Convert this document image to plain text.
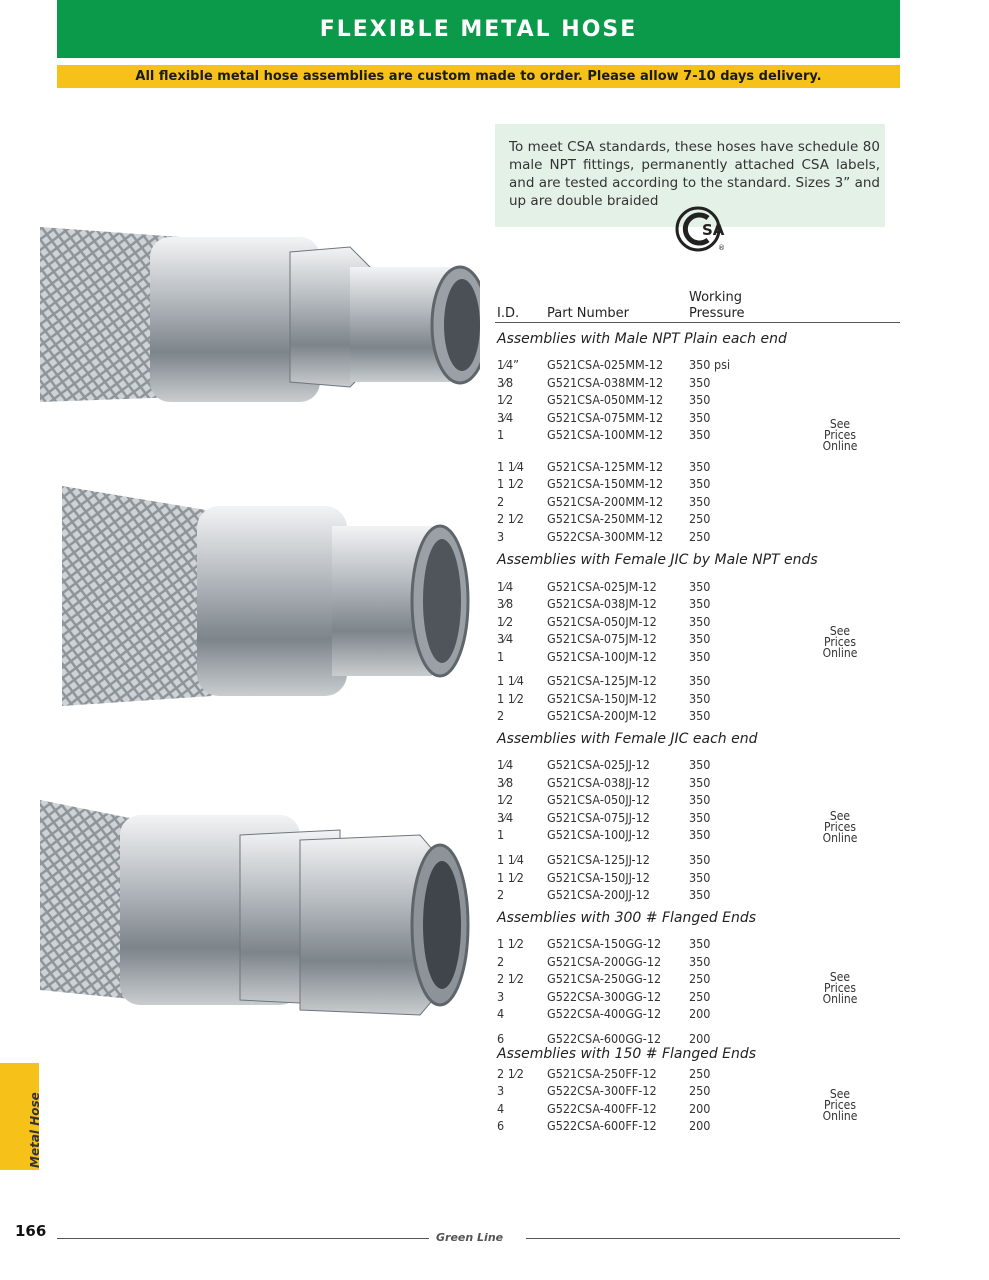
FLEXIBLE METAL HOSE
All flexible metal hose assemblies are custom made to order. Please allow 7-10 days delivery.
To meet CSA standards, these hoses have schedule 80 male NPT fittings, permanently attached CSA labels, and are tested according to the standard. Sizes 3” and up are double braided
SA
®
I.D. Part Number
Working
Pressure
Assemblies with Male NPT Plain each end
1⁄4” G521CSA-025MM-12 350 psi
3⁄8	G521CSA-038MM-12 350
1⁄2	G521CSA-050MM-12 350
3⁄4	G521CSA-075MM-12 350
1	G521CSA-100MM-12 350
1 1⁄4 G521CSA-125MM-12 350
1 1⁄2 G521CSA-150MM-12 350
2	G521CSA-200MM-12 350
2 1⁄2 G521CSA-250MM-12 250
3	G522CSA-300MM-12 250
See
Prices
Online
Assemblies with Female JIC by Male NPT ends
1⁄4	G521CSA-025JM-12	350
3⁄8	G521CSA-038JM-12	350
1⁄2	G521CSA-050JM-12	350
3⁄4	G521CSA-075JM-12	350
1	G521CSA-100JM-12	350
1 1⁄4 G521CSA-125JM-12	350
1 1⁄2 G521CSA-150JM-12	350
2	G521CSA-200JM-12	350
See
Prices
Online
Assemblies with Female JIC each end
1⁄4	G521CSA-025JJ-12	350
3⁄8	G521CSA-038JJ-12	350
1⁄2	G521CSA-050JJ-12	350
3⁄4	G521CSA-075JJ-12	350
1	G521CSA-100JJ-12	350
1 1⁄4 G521CSA-125JJ-12	350
1 1⁄2 G521CSA-150JJ-12	350
2	G521CSA-200JJ-12	350
See
Prices
Online
Assemblies with 300 # Flanged Ends
1 1⁄2 G521CSA-150GG-12 350
2	G521CSA-200GG-12 350
2 1⁄2 G521CSA-250GG-12 250
3	G522CSA-300GG-12 250
4	G522CSA-400GG-12 200
6	G522CSA-600GG-12 200
See
Prices
Online
Assemblies with 150 # Flanged Ends
2 1⁄2 G521CSA-250FF-12	250
3	G522CSA-300FF-12	250
4	G522CSA-400FF-12	200
6	G522CSA-600FF-12	200
See
Prices
Online
Metal Hose
166	Green Line
